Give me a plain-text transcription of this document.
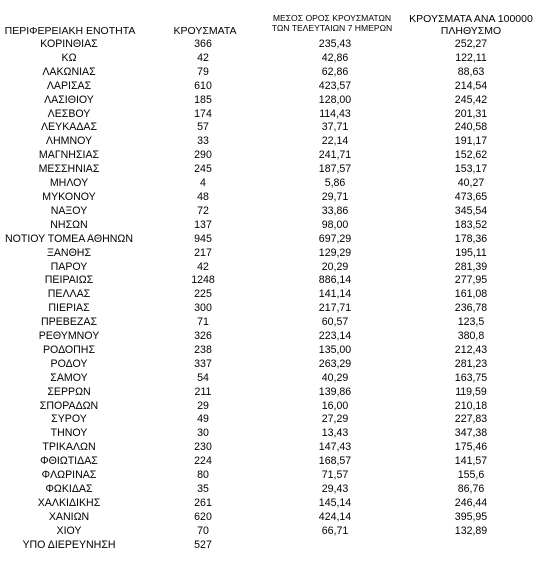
ΠΕΡΙΦΕΡΕΙΑΚΗ ΕΝΟΤΗΤΑ	ΚΡΟΥΣΜΑΤΑ
ΜΕΣΟΣ ΟΡΟΣ ΚΡΟΥΣΜΑΤΩΝ
ΤΩΝ ΤΕΛΕΥΤΑΙΩΝ 7 ΗΜΕΡΩΝ
ΚΡΟΥΣΜΑΤΑ ΑΝΑ 100000
ΠΛΗΘΥΣΜΟ
ΚΟΡΙΝΘΙΑΣ	366	235,43	252,27
ΚΩ	42	42,86	122,11
ΛΑΚΩΝΙΑΣ	79	62,86	88,63
ΛΑΡΙΣΑΣ	610	423,57	214,54
ΛΑΣΙΘΙΟΥ	185	128,00	245,42
ΛΕΣΒΟΥ	174	114,43	201,31
ΛΕΥΚΑΔΑΣ	57	37,71	240,58
ΛΗΜΝΟΥ	33	22,14	191,17
ΜΑΓΝΗΣΙΑΣ	290	241,71	152,62
ΜΕΣΣΗΝΙΑΣ	245	187,57	153,17
ΜΗΛΟΥ	4	5,86	40,27
ΜΥΚΟΝΟΥ	48	29,71	473,65
ΝΑΞΟΥ	72	33,86	345,54
ΝΗΣΩΝ	137	98,00	183,52
ΝΟΤΙΟΥ ΤΟΜΕΑ ΑΘΗΝΩΝ	945	697,29	178,36
ΞΑΝΘΗΣ	217	129,29	195,11
ΠΑΡΟΥ	42	20,29	281,39
ΠΕΙΡΑΙΩΣ	1248	886,14	277,95
ΠΕΛΛΑΣ	225	141,14	161,08
ΠΙΕΡΙΑΣ	300	217,71	236,78
ΠΡΕΒΕΖΑΣ	71	60,57	123,5
ΡΕΘΥΜΝΟΥ	326	223,14	380,8
ΡΟΔΟΠΗΣ	238	135,00	212,43
ΡΟΔΟΥ	337	263,29	281,23
ΣΑΜΟΥ	54	40,29	163,75
ΣΕΡΡΩΝ	211	139,86	119,59
ΣΠΟΡΑΔΩΝ	29	16,00	210,18
ΣΥΡΟΥ	49	27,29	227,83
ΤΗΝΟΥ	30	13,43	347,38
ΤΡΙΚΑΛΩΝ	230	147,43	175,46
ΦΘΙΩΤΙΔΑΣ	224	168,57	141,57
ΦΛΩΡΙΝΑΣ	80	71,57	155,6
ΦΩΚΙΔΑΣ	35	29,43	86,76
ΧΑΛΚΙΔΙΚΗΣ	261	145,14	246,44
ΧΑΝΙΩΝ	620	424,14	395,95
ΧΙΟΥ	70	66,71	132,89
ΥΠΟ ΔΙΕΡΕΥΝΗΣΗ	527		
